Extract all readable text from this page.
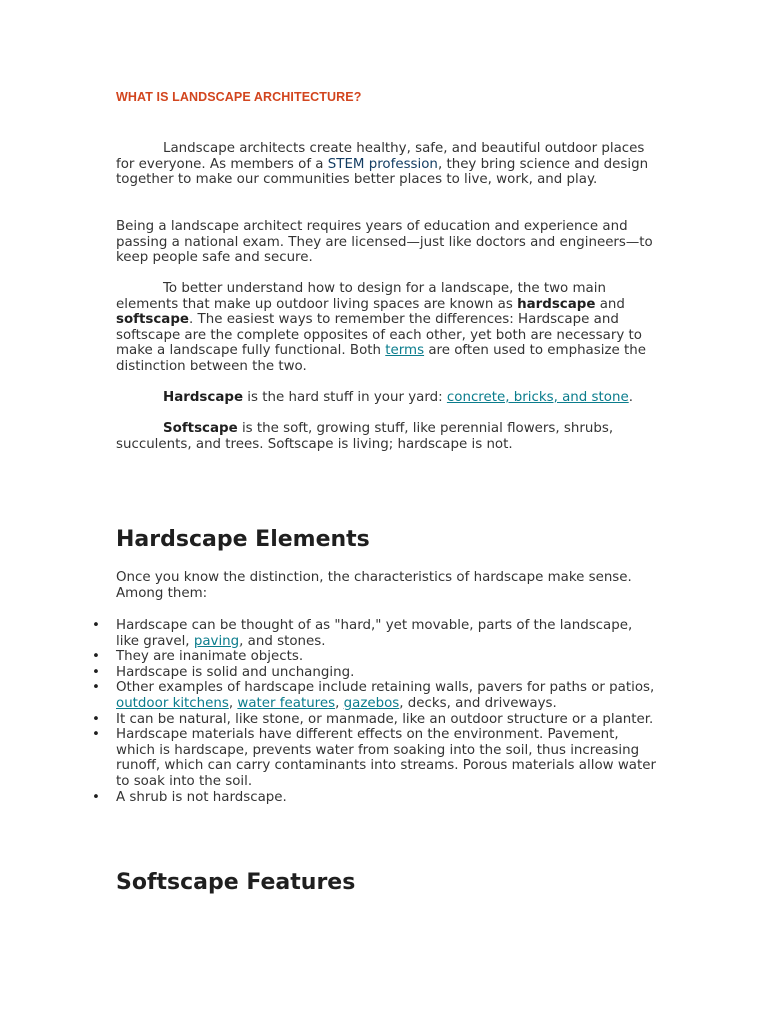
WHAT IS LANDSCAPE ARCHITECTURE?

Landscape architects create healthy, safe, and beautiful outdoor places for everyone. As members of a STEM profession, they bring science and design together to make our communities better places to live, work, and play.

Being a landscape architect requires years of education and experience and passing a national exam. They are licensed—just like doctors and engineers—to keep people safe and secure.

To better understand how to design for a landscape, the two main elements that make up outdoor living spaces are known as hardscape and softscape. The easiest ways to remember the differences: Hardscape and softscape are the complete opposites of each other, yet both are necessary to make a landscape fully functional. Both terms are often used to emphasize the distinction between the two.

Hardscape is the hard stuff in your yard: concrete, bricks, and stone.

Softscape is the soft, growing stuff, like perennial flowers, shrubs, succulents, and trees. Softscape is living; hardscape is not.

Hardscape Elements

Once you know the distinction, the characteristics of hardscape make sense. Among them:

• Hardscape can be thought of as "hard," yet movable, parts of the landscape, like gravel, paving, and stones.
• They are inanimate objects.
• Hardscape is solid and unchanging.
• Other examples of hardscape include retaining walls, pavers for paths or patios, outdoor kitchens, water features, gazebos, decks, and driveways.
• It can be natural, like stone, or manmade, like an outdoor structure or a planter.
• Hardscape materials have different effects on the environment. Pavement, which is hardscape, prevents water from soaking into the soil, thus increasing runoff, which can carry contaminants into streams. Porous materials allow water to soak into the soil.
• A shrub is not hardscape.
Softscape Features
